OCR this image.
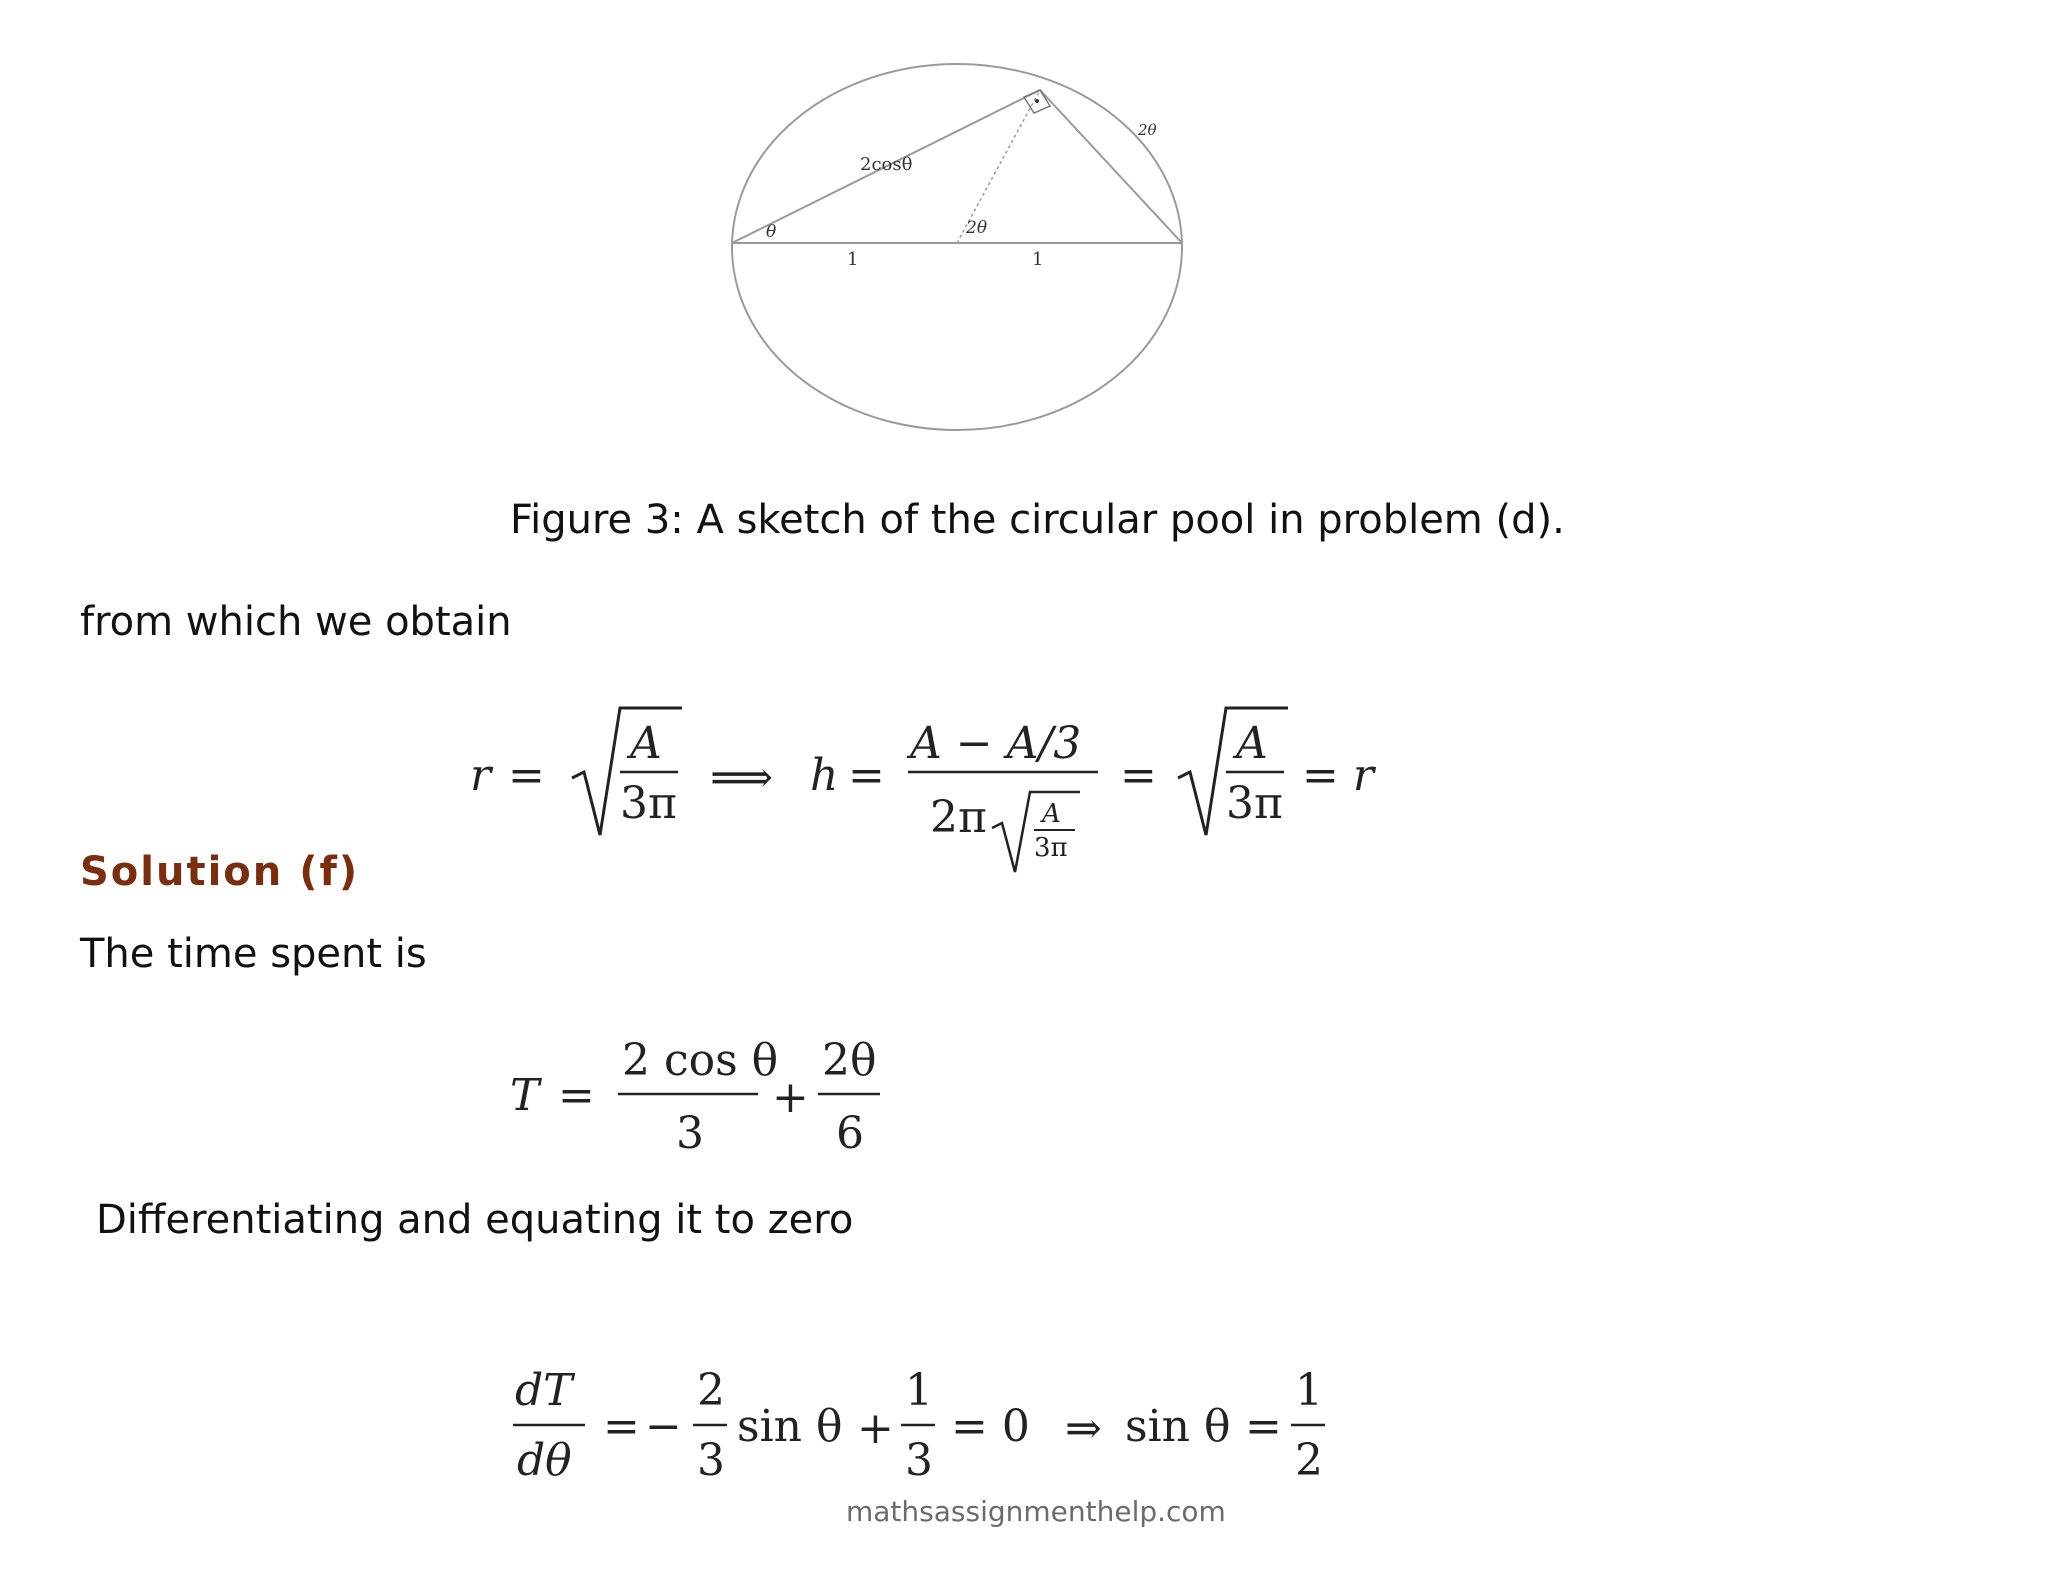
2cosθ
θ	2θ
2θ
1	1
Figure 3: A sketch of the circular pool in problem (d).
from which we obtain
r =
A
3π
⟹ h =
A − A/3
2π A
3π
=
A
3π
= r
Solution (f)
The time spent is
T =
2 cos θ
3
+
2θ
6
Differentiating and equating it to zero
dT
dθ
= −
2
3
sin θ +
1
3
= 0 ⇒ sin θ =
1
2
mathsassignmenthelp.com
